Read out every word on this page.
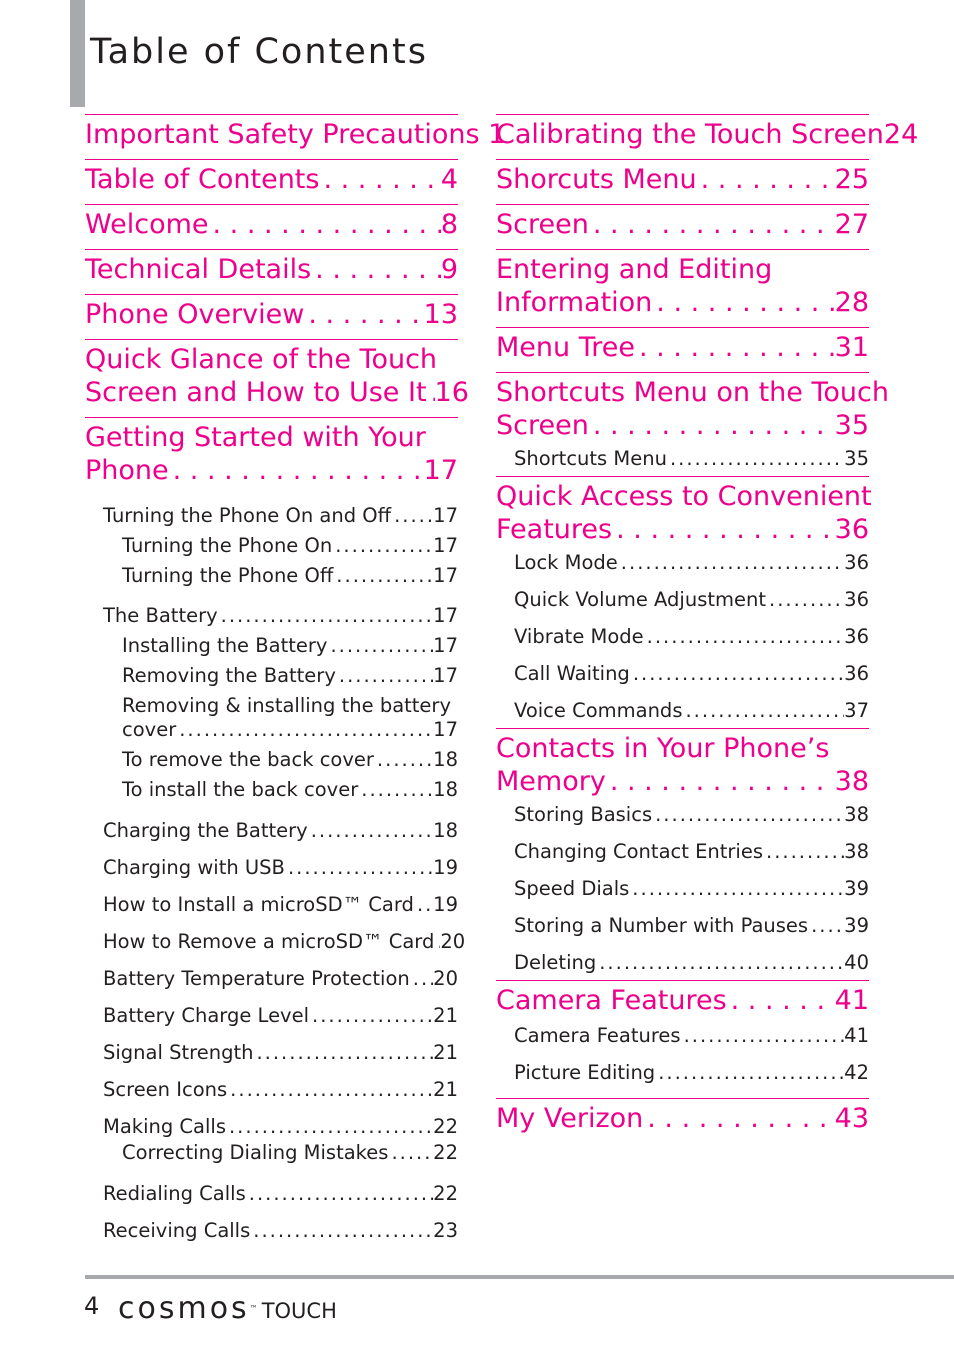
Table of Contents
Important Safety Precautions 1
Table of Contents . . .	4
Welcome . . .	8
Technical Details . . .	9
Phone Overview . . .	13
Quick Glance of the Touch
Screen and How to Use It . . . 16
Getting Started with Your
Phone . . .	17
Turning the Phone On and Off ..... 17
Turning the Phone On .....	17
Turning the Phone Off .....	17
The Battery .....	17
Installing the Battery .....	17
Removing the Battery .....	17
Removing & installing the battery
cover .....	17
To remove the back cover .....	18
To install the back cover .....	18
Charging the Battery .....	18
Charging with USB .....	19
How to Install a microSD™ Card ..... 19
How to Remove a microSD™ Card ..... 20
Battery Temperature Protection ..... 20
Battery Charge Level .....	21
Signal Strength .....	21
Screen Icons .....	21
Making Calls .....	22
Correcting Dialing Mistakes ..... 22
Redialing Calls .....	22
Receiving Calls .....	23
Calibrating the Touch Screen24
Shorcuts Menu . . .	25
Screen . . .	27
Entering and Editing
Information . . .	28
Menu Tree . . .	31
Shortcuts Menu on the Touch
Screen . . .	35
Shortcuts Menu .....	35
Quick Access to Convenient
Features . . .	36
Lock Mode .....	36
Quick Volume Adjustment .....	36
Vibrate Mode .....	36
Call Waiting .....	36
Voice Commands .....	37
Contacts in Your Phone’s
Memory . . .	38
Storing Basics .....	38
Changing Contact Entries .....	38
Speed Dials .....	39
Storing a Number with Pauses ..... 39
Deleting .....	40
Camera Features . . .	41
Camera Features .....	41
Picture Editing .....	42
My Verizon . . .	43
4 cosmos™ TOUCH
